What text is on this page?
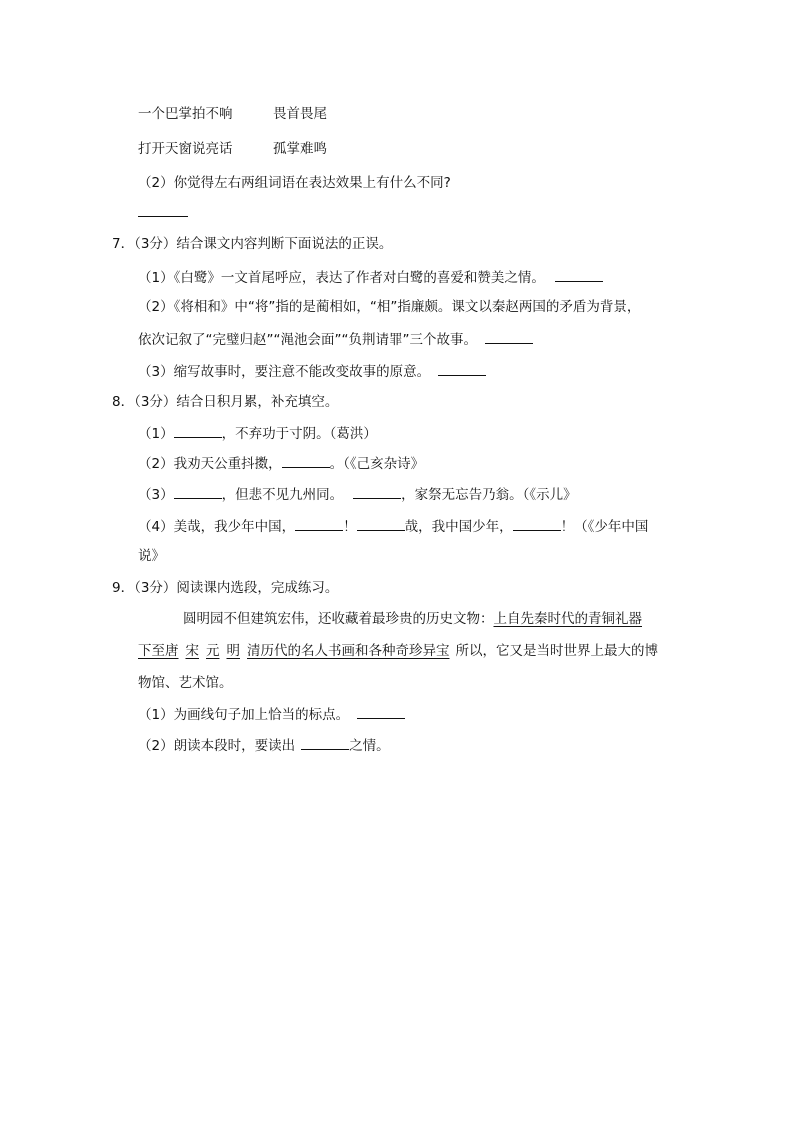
一个巴掌拍不响	畏首畏尾
打开天窗说亮话	孤掌难鸣
（2）你觉得左右两组词语在表达效果上有什么不同?
7．（3分）结合课文内容判断下面说法的正误。
（1）《白鹭》一文首尾呼应，表达了作者对白鹭的喜爱和赞美之情。
（2）《将相和》中“将”指的是蔺相如，“相”指廉颇。课文以秦赵两国的矛盾为背景，
依次记叙了“完璧归赵”“渑池会面”“负荆请罪”三个故事。
（3）缩写故事时，要注意不能改变故事的原意。
8．（3分）结合日积月累，补充填空。
（1）	，不弃功于寸阴。（葛洪）
（2）我劝天公重抖擞，	。（《己亥杂诗》
（3）	，但悲不见九州同。	，家祭无忘告乃翁。（《示儿》
（4）美哉，我少年中国，	！	哉，我中国少年，	！（《少年中国
说》
9．（3分）阅读课内选段，完成练习。
圆明园不但建筑宏伟，还收藏着最珍贵的历史文物：上自先秦时代的青铜礼器
下至唐 宋 元 明 清历代的名人书画和各种奇珍异宝 所以，它又是当时世界上最大的博
物馆、艺术馆。
（1）为画线句子加上恰当的标点。
（2）朗读本段时，要读出	之情。
